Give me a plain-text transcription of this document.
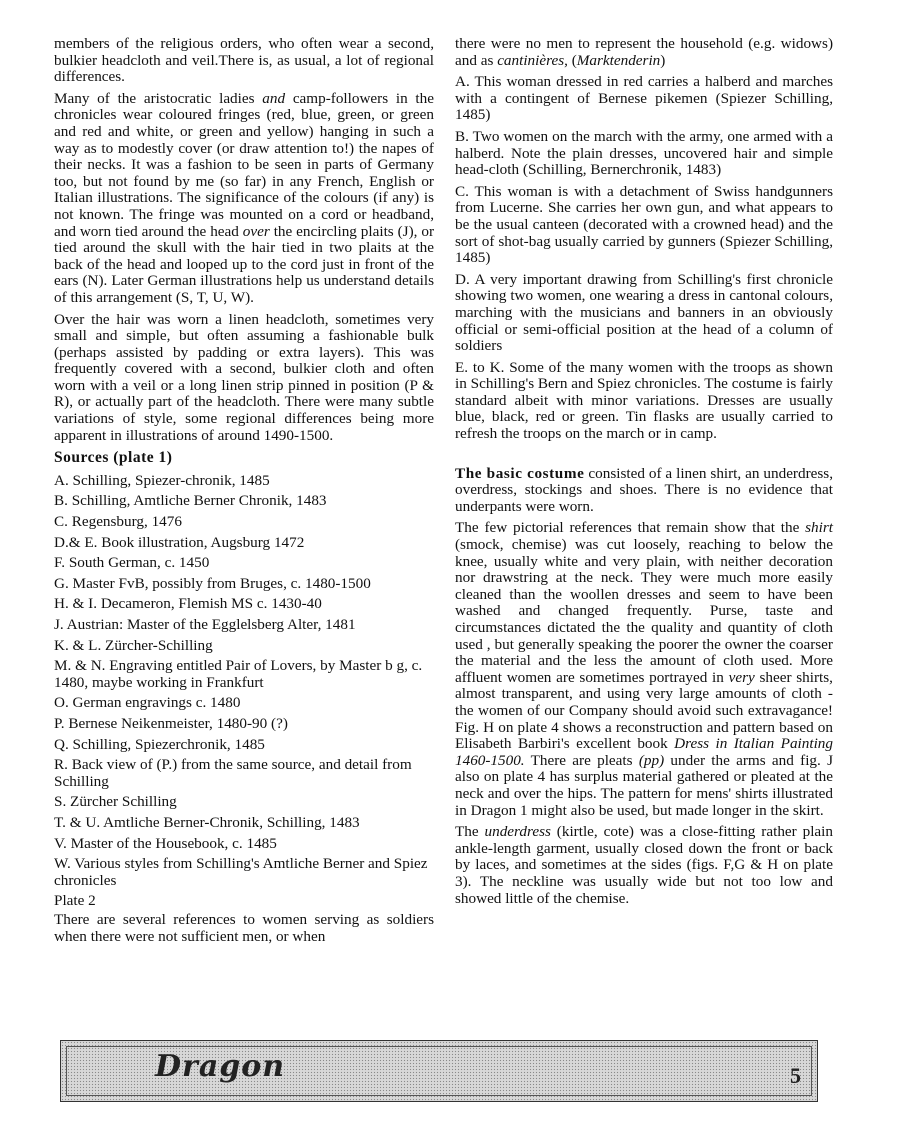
members of the religious orders, who often wear a second, bulkier headcloth and veil.There is, as usual, a lot of regional differences.

Many of the aristocratic ladies and camp-followers in the chronicles wear coloured fringes (red, blue, green, or green and red and white, or green and yellow) hanging in such a way as to modestly cover (or draw attention to!) the napes of their necks. It was a fashion to be seen in parts of Germany too, but not found by me (so far) in any French, English or Italian illustrations. The significance of the colours (if any) is not known. The fringe was mounted on a cord or headband, and worn tied around the head over the encircling plaits (J), or tied around the skull with the hair tied in two plaits at the back of the head and looped up to the cord just in front of the ears (N). Later German illustrations help us understand details of this arrangement (S, T, U, W).

Over the hair was worn a linen headcloth, sometimes very small and simple, but often assuming a fashionable bulk (perhaps assisted by padding or extra layers). This was frequently covered with a second, bulkier cloth and often worn with a veil or a long linen strip pinned in position (P & R), or actually part of the headcloth. There were many subtle variations of style, some regional differences being more apparent in illustrations of around 1490-1500.

Sources (plate 1)

A. Schilling, Spiezer-chronik, 1485

B. Schilling, Amtliche Berner Chronik, 1483

C. Regensburg, 1476

D.& E. Book illustration, Augsburg 1472

F. South German, c. 1450

G. Master FvB, possibly from Bruges, c. 1480-1500

H. & I. Decameron, Flemish MS c. 1430-40

J. Austrian: Master of the Egglelsberg Alter, 1481

K. & L. Zürcher-Schilling

M. & N. Engraving entitled Pair of Lovers, by Master b g, c. 1480, maybe working in Frankfurt

O. German engravings c. 1480

P. Bernese Neikenmeister, 1480-90 (?)

Q. Schilling, Spiezerchronik, 1485

R. Back view of (P.) from the same source, and detail from Schilling

S. Zürcher Schilling

T. & U. Amtliche Berner-Chronik, Schilling, 1483

V. Master of the Housebook, c. 1485

W. Various styles from Schilling's Amtliche Berner and Spiez chronicles

Plate 2

There are several references to women serving as soldiers when there were not sufficient men, or when

there were no men to represent the household (e.g. widows) and as cantinières, (Marktenderin)

A. This woman dressed in red carries a halberd and marches with a contingent of Bernese pikemen (Spiezer Schilling, 1485)

B. Two women on the march with the army, one armed with a halberd. Note the plain dresses, uncovered hair and simple head-cloth (Schilling, Bernerchronik, 1483)

C. This woman is with a detachment of Swiss handgunners from Lucerne. She carries her own gun, and what appears to be the usual canteen (decorated with a crowned head) and the sort of shot-bag usually carried by gunners (Spiezer Schilling, 1485)

D. A very important drawing from Schilling's first chronicle showing two women, one wearing a dress in cantonal colours, marching with the musicians and banners in an obviously official or semi-official position at the head of a column of soldiers

E. to K. Some of the many women with the troops as shown in Schilling's Bern and Spiez chronicles. The costume is fairly standard albeit with minor variations. Dresses are usually blue, black, red or green. Tin flasks are usually carried to refresh the troops on the march or in camp.

The basic costume consisted of a linen shirt, an underdress, overdress, stockings and shoes. There is no evidence that underpants were worn.

The few pictorial references that remain show that the shirt (smock, chemise) was cut loosely, reaching to below the knee, usually white and very plain, with neither decoration nor drawstring at the neck. They were much more easily cleaned than the woollen dresses and seem to have been washed and changed frequently. Purse, taste and circumstances dictated the the quality and quantity of cloth used , but generally speaking the poorer the owner the coarser the material and the less the amount of cloth used. More affluent women are sometimes portrayed in very sheer shirts, almost transparent, and using very large amounts of cloth - the women of our Company should avoid such extravagance! Fig. H on plate 4 shows a reconstruction and pattern based on Elisabeth Barbiri's excellent book Dress in Italian Painting 1460-1500. There are pleats (pp) under the arms and fig. J also on plate 4 has surplus material gathered or pleated at the neck and over the hips. The pattern for mens' shirts illustrated in Dragon 1 might also be used, but made longer in the skirt.

The underdress (kirtle, cote) was a close-fitting rather plain ankle-length garment, usually closed down the front or back by laces, and sometimes at the sides (figs. F,G & H on plate 3). The neckline was usually wide but not too low and showed little of the chemise.

Dragon	5
